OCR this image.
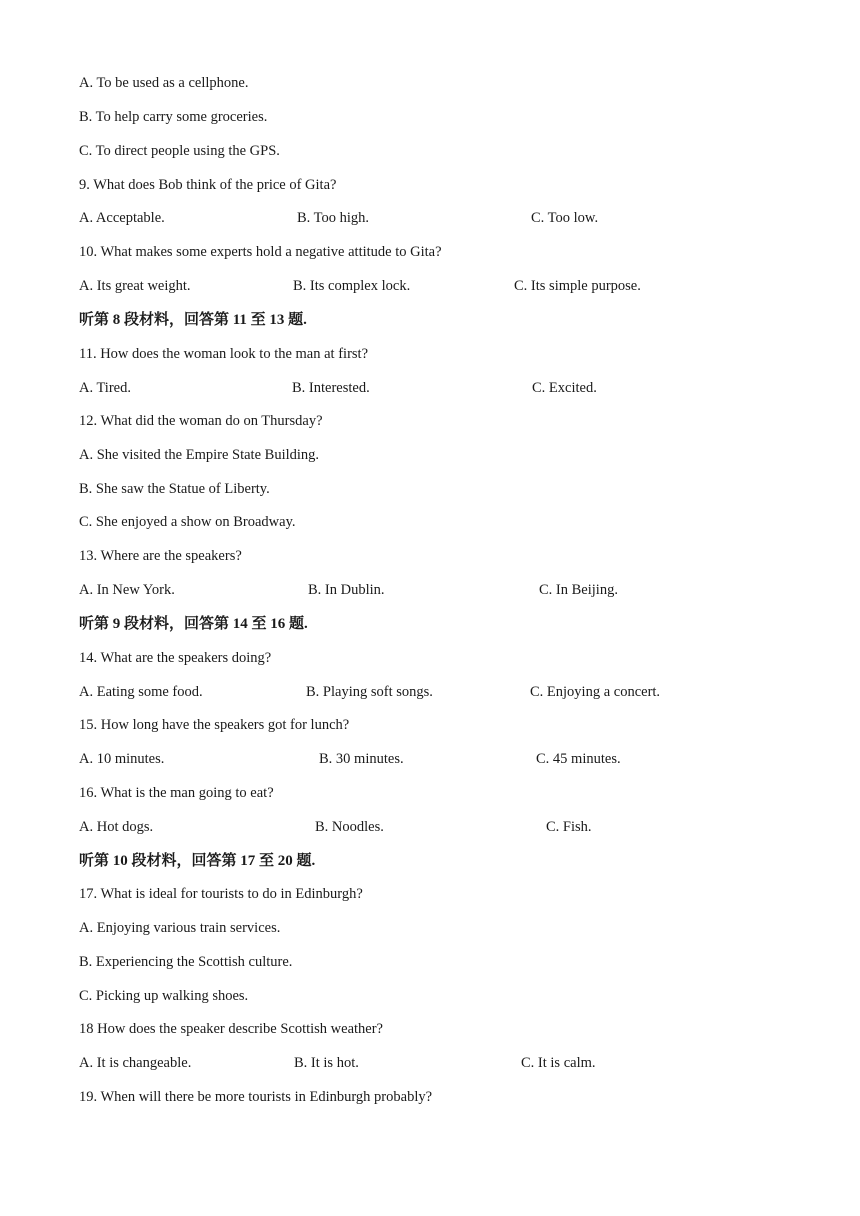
A. To be used as a cellphone.
B. To help carry some groceries.
C. To direct people using the GPS.
9. What does Bob think of the price of Gita?
A. Acceptable.	B. Too high.	C. Too low.
10. What makes some experts hold a negative attitude to Gita?
A. Its great weight.	B. Its complex lock.	C. Its simple purpose.
听第 8 段材料，回答第 11 至 13 题.
11. How does the woman look to the man at first?
A. Tired.	B. Interested.	C. Excited.
12. What did the woman do on Thursday?
A. She visited the Empire State Building.
B. She saw the Statue of Liberty.
C. She enjoyed a show on Broadway.
13. Where are the speakers?
A. In New York.	B. In Dublin.	C. In Beijing.
听第 9 段材料，回答第 14 至 16 题.
14. What are the speakers doing?
A. Eating some food.	B. Playing soft songs.	C. Enjoying a concert.
15. How long have the speakers got for lunch?
A. 10 minutes.	B. 30 minutes.	C. 45 minutes.
16. What is the man going to eat?
A. Hot dogs.	B. Noodles.	C. Fish.
听第 10 段材料，回答第 17 至 20 题.
17. What is ideal for tourists to do in Edinburgh?
A. Enjoying various train services.
B. Experiencing the Scottish culture.
C. Picking up walking shoes.
18 How does the speaker describe Scottish weather?
A. It is changeable.	B. It is hot.	C. It is calm.
19. When will there be more tourists in Edinburgh probably?
